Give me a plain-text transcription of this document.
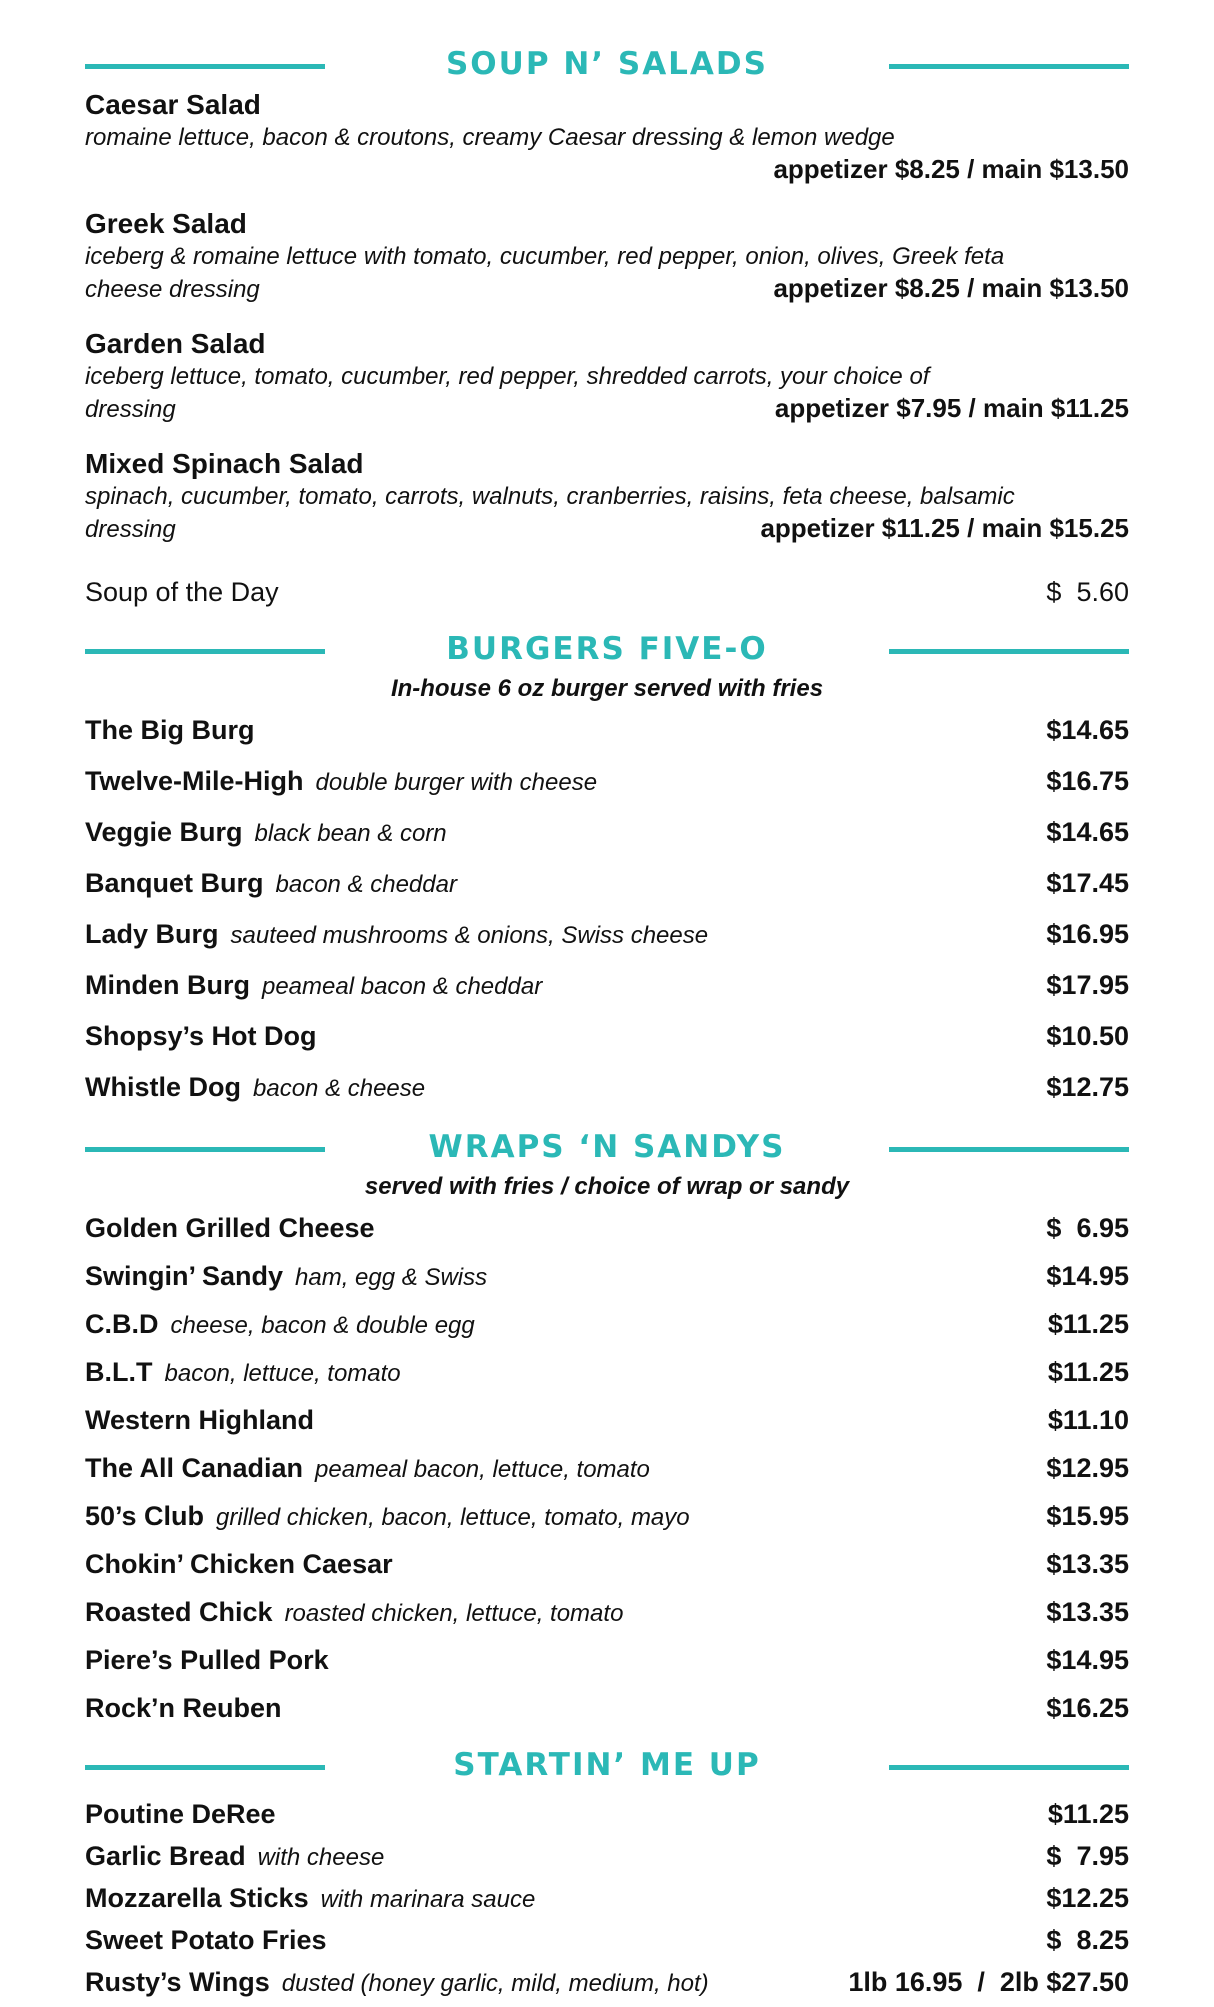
SOUP N’ SALADS
Caesar Salad
romaine lettuce, bacon & croutons, creamy Caesar dressing & lemon wedge
appetizer $8.25 / main $13.50
Greek Salad
iceberg & romaine lettuce with tomato, cucumber, red pepper, onion, olives, Greek feta
cheese dressing	appetizer $8.25 / main $13.50
Garden Salad
iceberg lettuce, tomato, cucumber, red pepper, shredded carrots, your choice of
dressing	appetizer $7.95 / main $11.25
Mixed Spinach Salad
spinach, cucumber, tomato, carrots, walnuts, cranberries, raisins, feta cheese, balsamic
dressing	appetizer $11.25 / main $15.25
Soup of the Day	$  5.60
BURGERS FIVE-O
In-house 6 oz burger served with fries
The Big Burg	$14.65
Twelve-Mile-High double burger with cheese	$16.75
Veggie Burg black bean & corn	$14.65
Banquet Burg bacon & cheddar	$17.45
Lady Burg sauteed mushrooms & onions, Swiss cheese	$16.95
Minden Burg peameal bacon & cheddar	$17.95
Shopsy’s Hot Dog	$10.50
Whistle Dog bacon & cheese	$12.75
WRAPS ‘N SANDYS
served with fries / choice of wrap or sandy
Golden Grilled Cheese	$  6.95
Swingin’ Sandy ham, egg & Swiss	$14.95
C.B.D cheese, bacon & double egg	$11.25
B.L.T bacon, lettuce, tomato	$11.25
Western Highland	$11.10
The All Canadian peameal bacon, lettuce, tomato	$12.95
50’s Club grilled chicken, bacon, lettuce, tomato, mayo	$15.95
Chokin’ Chicken Caesar	$13.35
Roasted Chick roasted chicken, lettuce, tomato	$13.35
Piere’s Pulled Pork	$14.95
Rock’n Reuben	$16.25
STARTIN’ ME UP
Poutine DeRee	$11.25
Garlic Bread with cheese	$  7.95
Mozzarella Sticks with marinara sauce	$12.25
Sweet Potato Fries	$  8.25
Rusty’s Wings dusted (honey garlic, mild, medium, hot)	1lb 16.95  /  2lb $27.50
